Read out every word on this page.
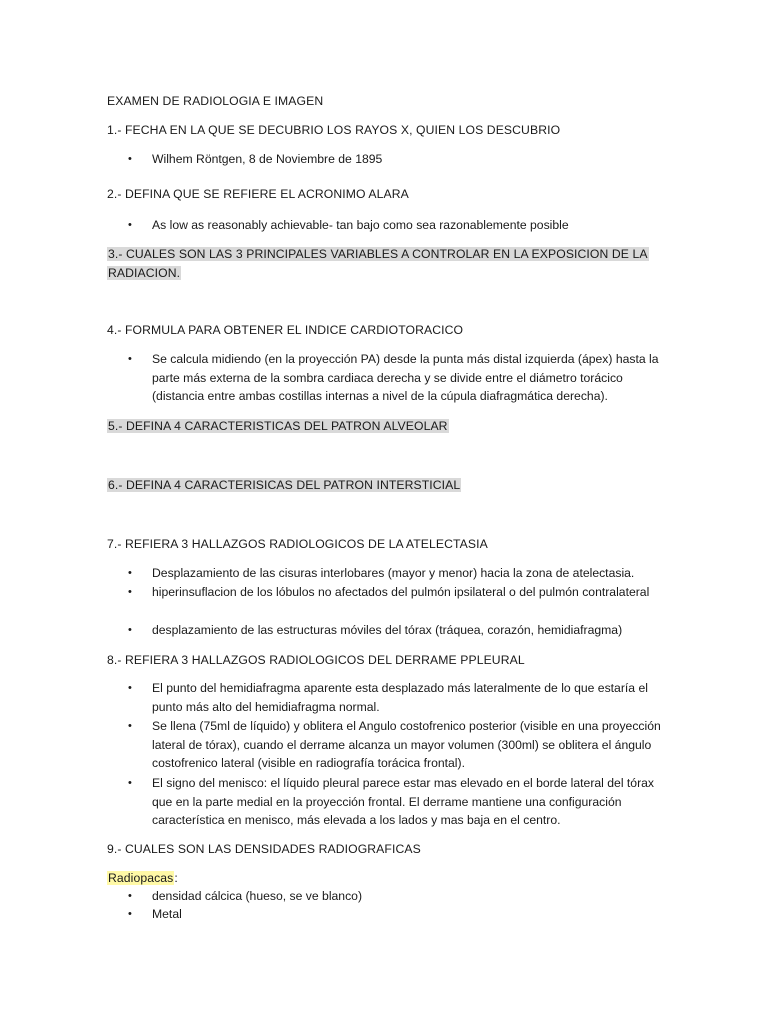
EXAMEN DE RADIOLOGIA E IMAGEN
1.- FECHA EN LA QUE SE DECUBRIO LOS RAYOS X, QUIEN LOS DESCUBRIO
•	Wilhem Röntgen, 8 de Noviembre de 1895
2.- DEFINA QUE SE REFIERE EL ACRONIMO ALARA
•	As low as reasonably achievable- tan bajo como sea razonablemente posible
3.- CUALES SON LAS 3 PRINCIPALES VARIABLES A CONTROLAR EN LA EXPOSICION DE LA
RADIACION.
4.- FORMULA PARA OBTENER EL INDICE CARDIOTORACICO
•	Se calcula midiendo (en la proyección PA) desde la punta más distal izquierda (ápex) hasta la parte más externa de la sombra cardiaca derecha y se divide entre el diámetro torácico (distancia entre ambas costillas internas a nivel de la cúpula diafragmática derecha).
5.- DEFINA 4 CARACTERISTICAS DEL PATRON ALVEOLAR
6.- DEFINA 4 CARACTERISICAS DEL PATRON INTERSTICIAL
7.- REFIERA 3 HALLAZGOS RADIOLOGICOS DE LA ATELECTASIA
•	Desplazamiento de las cisuras interlobares (mayor y menor) hacia la zona de atelectasia.
•	hiperinsuflacion de los lóbulos no afectados del pulmón ipsilateral o del pulmón contralateral
•	desplazamiento de las estructuras móviles del tórax (tráquea, corazón, hemidiafragma)
8.- REFIERA 3 HALLAZGOS RADIOLOGICOS DEL DERRAME PPLEURAL
•	El punto del hemidiafragma aparente esta desplazado más lateralmente de lo que estaría el punto más alto del hemidiafragma normal.
•	Se llena (75ml de líquido) y oblitera el Angulo costofrenico posterior (visible en una proyección lateral de tórax), cuando el derrame alcanza un mayor volumen (300ml) se oblitera el ángulo costofrenico lateral (visible en radiografía torácica frontal).
•	El signo del menisco: el líquido pleural parece estar mas elevado en el borde lateral del tórax que en la parte medial en la proyección frontal. El derrame mantiene una configuración característica en menisco, más elevada a los lados y mas baja en el centro.
9.- CUALES SON LAS DENSIDADES RADIOGRAFICAS
Radiopacas:
•	densidad cálcica (hueso, se ve blanco)
•	Metal
